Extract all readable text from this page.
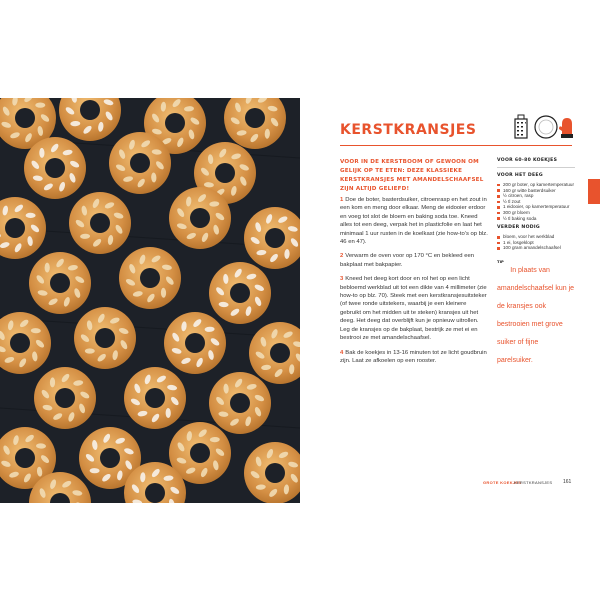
KERSTKRANSJES

VOOR IN DE KERSTBOOM OF GEWOON OM GELIJK OP TE ETEN: DEZE KLASSIEKE KERSTKRANSJES MET AMANDELSCHAAFSEL ZIJN ALTIJD GELIEFD!

1 Doe de boter, basterdsuiker, citroenrasp en het zout in een kom en meng door elkaar. Meng de eidooier erdoor en voeg tot slot de bloem en baking soda toe. Kneed alles tot een deeg, verpak het in plasticfolie en laat het minimaal 1 uur rusten in de koelkast (zie how-to’s op blz. 46 en 47).

2 Verwarm de oven voor op 170 °C en bekleed een bakplaat met bakpapier.

3 Kneed het deeg kort door en rol het op een licht bebloemd werkblad uit tot een dikte van 4 millimeter (zie how-to op blz. 70). Steek met een kerstkransjesuitsteker (of twee ronde uitstekers, waarbij je een kleinere gebruikt om het midden uit te steken) kransjes uit het deeg. Het deeg dat overblijft kun je opnieuw uitrollen. Leg de kransjes op de bakplaat, bestrijk ze met ei en bestrooi ze met amandelschaafsel.

4 Bak de koekjes in 13-16 minuten tot ze licht goudbruin zijn. Laat ze afkoelen op een rooster.

VOOR 60-80 KOEKJES

VOOR HET DEEG

200 gr boter, op kamertemperatuur
160 gr witte basterdsuiker
½ citroen, rasp
½ tl zout
1 eidooier, op kamertemperatuur
300 gr bloem
½ tl baking soda

VERDER NODIG

bloem, voor het werkblad
1 ei, losgeklopt
100 gram amandelschaafsel
$^{TIP}$ In plaats van amandelschaafsel kun je de kransjes ook bestrooien met grove suiker of fijne parelsuiker.
GROTE KOEKJES
KERSTKRANSJES 161
